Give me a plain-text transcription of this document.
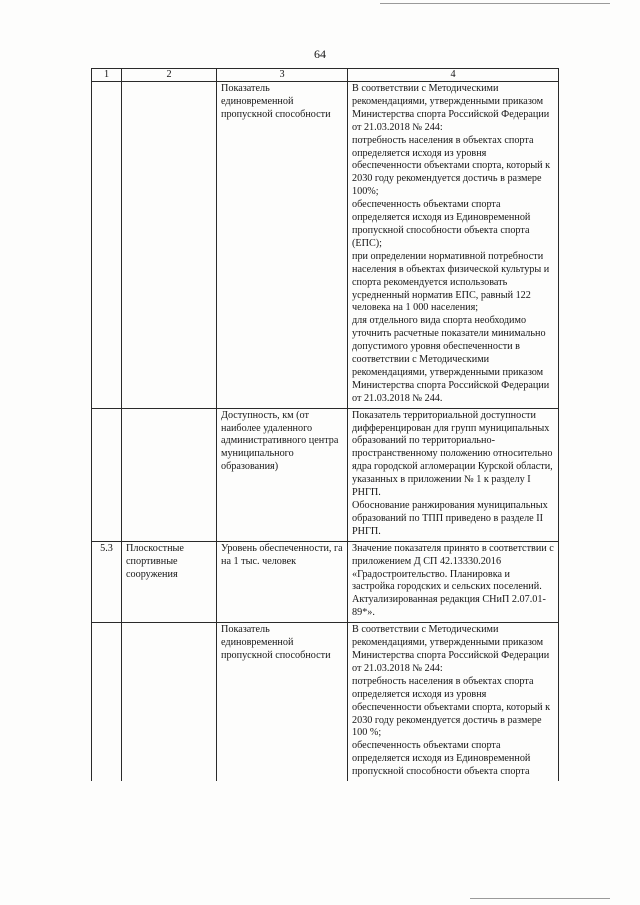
64
1	2	3	4
		Показатель единовременной пропускной способности	В соответствии с Методическими рекомендациями, утвержденными приказом Министерства спорта Российской Федерации от 21.03.2018 № 244:
потребность населения в объектах спорта определяется исходя из уровня обеспеченности объектами спорта, который к 2030 году рекомендуется достичь в размере 100%;
обеспеченность объектами спорта определяется исходя из Единовременной пропускной способности объекта спорта (ЕПС);
при определении нормативной потребности населения в объектах физической культуры и спорта рекомендуется использовать усредненный норматив ЕПС, равный 122 человека на 1 000 населения;
для отдельного вида спорта необходимо уточнить расчетные показатели минимально допустимого уровня обеспеченности в соответствии с Методическими рекомендациями, утвержденными приказом Министерства спорта Российской Федерации от 21.03.2018 № 244.

		Доступность, км (от наиболее удаленного административного центра муниципального образования)	Показатель территориальной доступности дифференцирован для групп муниципальных образований по территориально-пространственному положению относительно ядра городской агломерации Курской области, указанных в приложении № 1 к разделу I РНГП.
Обоснование ранжирования муниципальных образований по ТПП приведено в разделе II РНГП.

5.3	Плоскостные спортивные сооружения	Уровень обеспеченности, га на 1 тыс. человек	Значение показателя принято в соответствии с приложением Д СП 42.13330.2016 «Градостроительство. Планировка и застройка городских и сельских поселений. Актуализированная редакция СНиП 2.07.01-89*».

		Показатель единовременной пропускной способности	В соответствии с Методическими рекомендациями, утвержденными приказом Министерства спорта Российской Федерации от 21.03.2018 № 244:
потребность населения в объектах спорта определяется исходя из уровня обеспеченности объектами спорта, который к 2030 году рекомендуется достичь в размере 100 %;
обеспеченность объектами спорта определяется исходя из Единовременной пропускной способности объекта спорта
